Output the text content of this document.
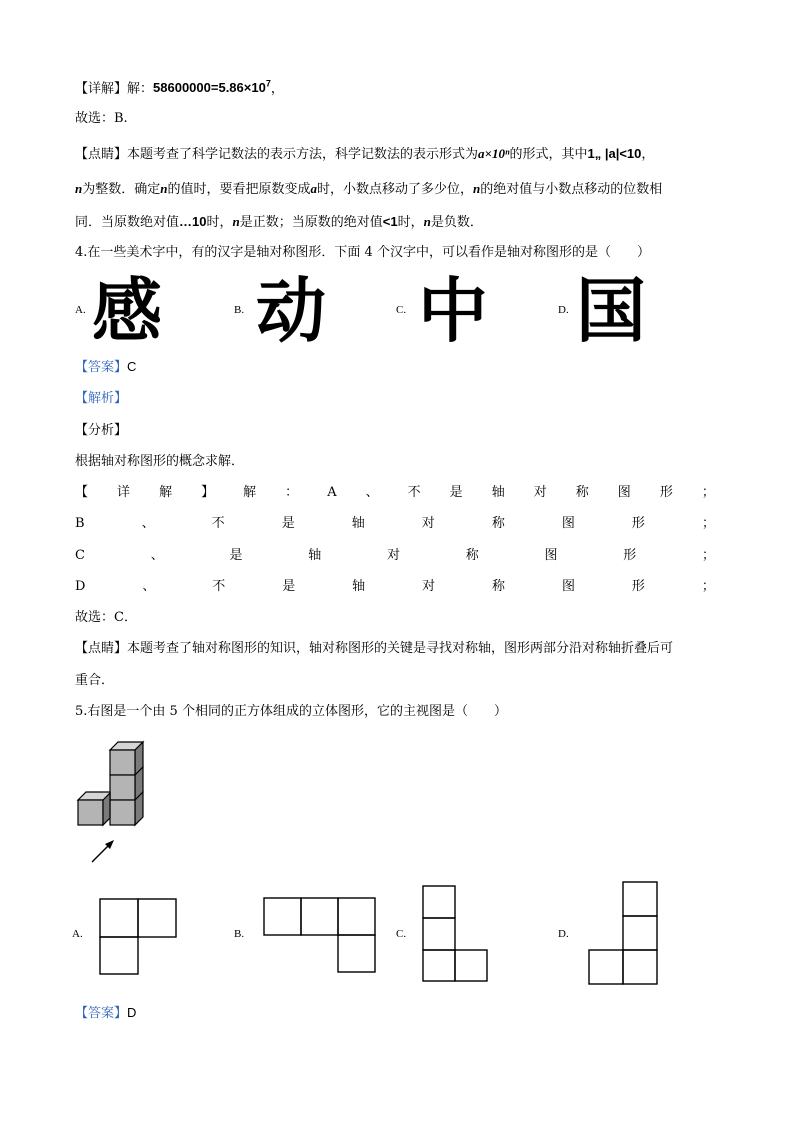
【详解】解：$58600000=5.86\times 10^7$，
故选：B.
【点睛】本题考查了科学记数法的表示方法，科学记数法的表示形式为a×10ⁿ的形式，其中1„ |a|<10，
n为整数．确定n的值时，要看把原数变成a时，小数点移动了多少位，n的绝对值与小数点移动的位数相
同．当原数绝对值…10时，n是正数；当原数的绝对值<1时，n是负数．
4.在一些美术字中，有的汉字是轴对称图形．下面 4 个汉字中，可以看作是轴对称图形的是（　　）
A. 感	B. 动	C. 中	D. 国
【答案】C
【解析】
【分析】
根据轴对称图形的概念求解．
【 详 解 】 解 ： A 、 不 是 轴 对 称 图 形 ；
B	、	不	是	轴	对	称	图	形	；
C	、	是	轴	对	称	图	形	；
D	、	不	是	轴	对	称	图	形	；
故选：C．
【点睛】本题考查了轴对称图形的知识，轴对称图形的关键是寻找对称轴，图形两部分沿对称轴折叠后可
重合．
5.右图是一个由 5 个相同的正方体组成的立体图形，它的主视图是（　　）
A.	B.	C.	D.
【答案】D
